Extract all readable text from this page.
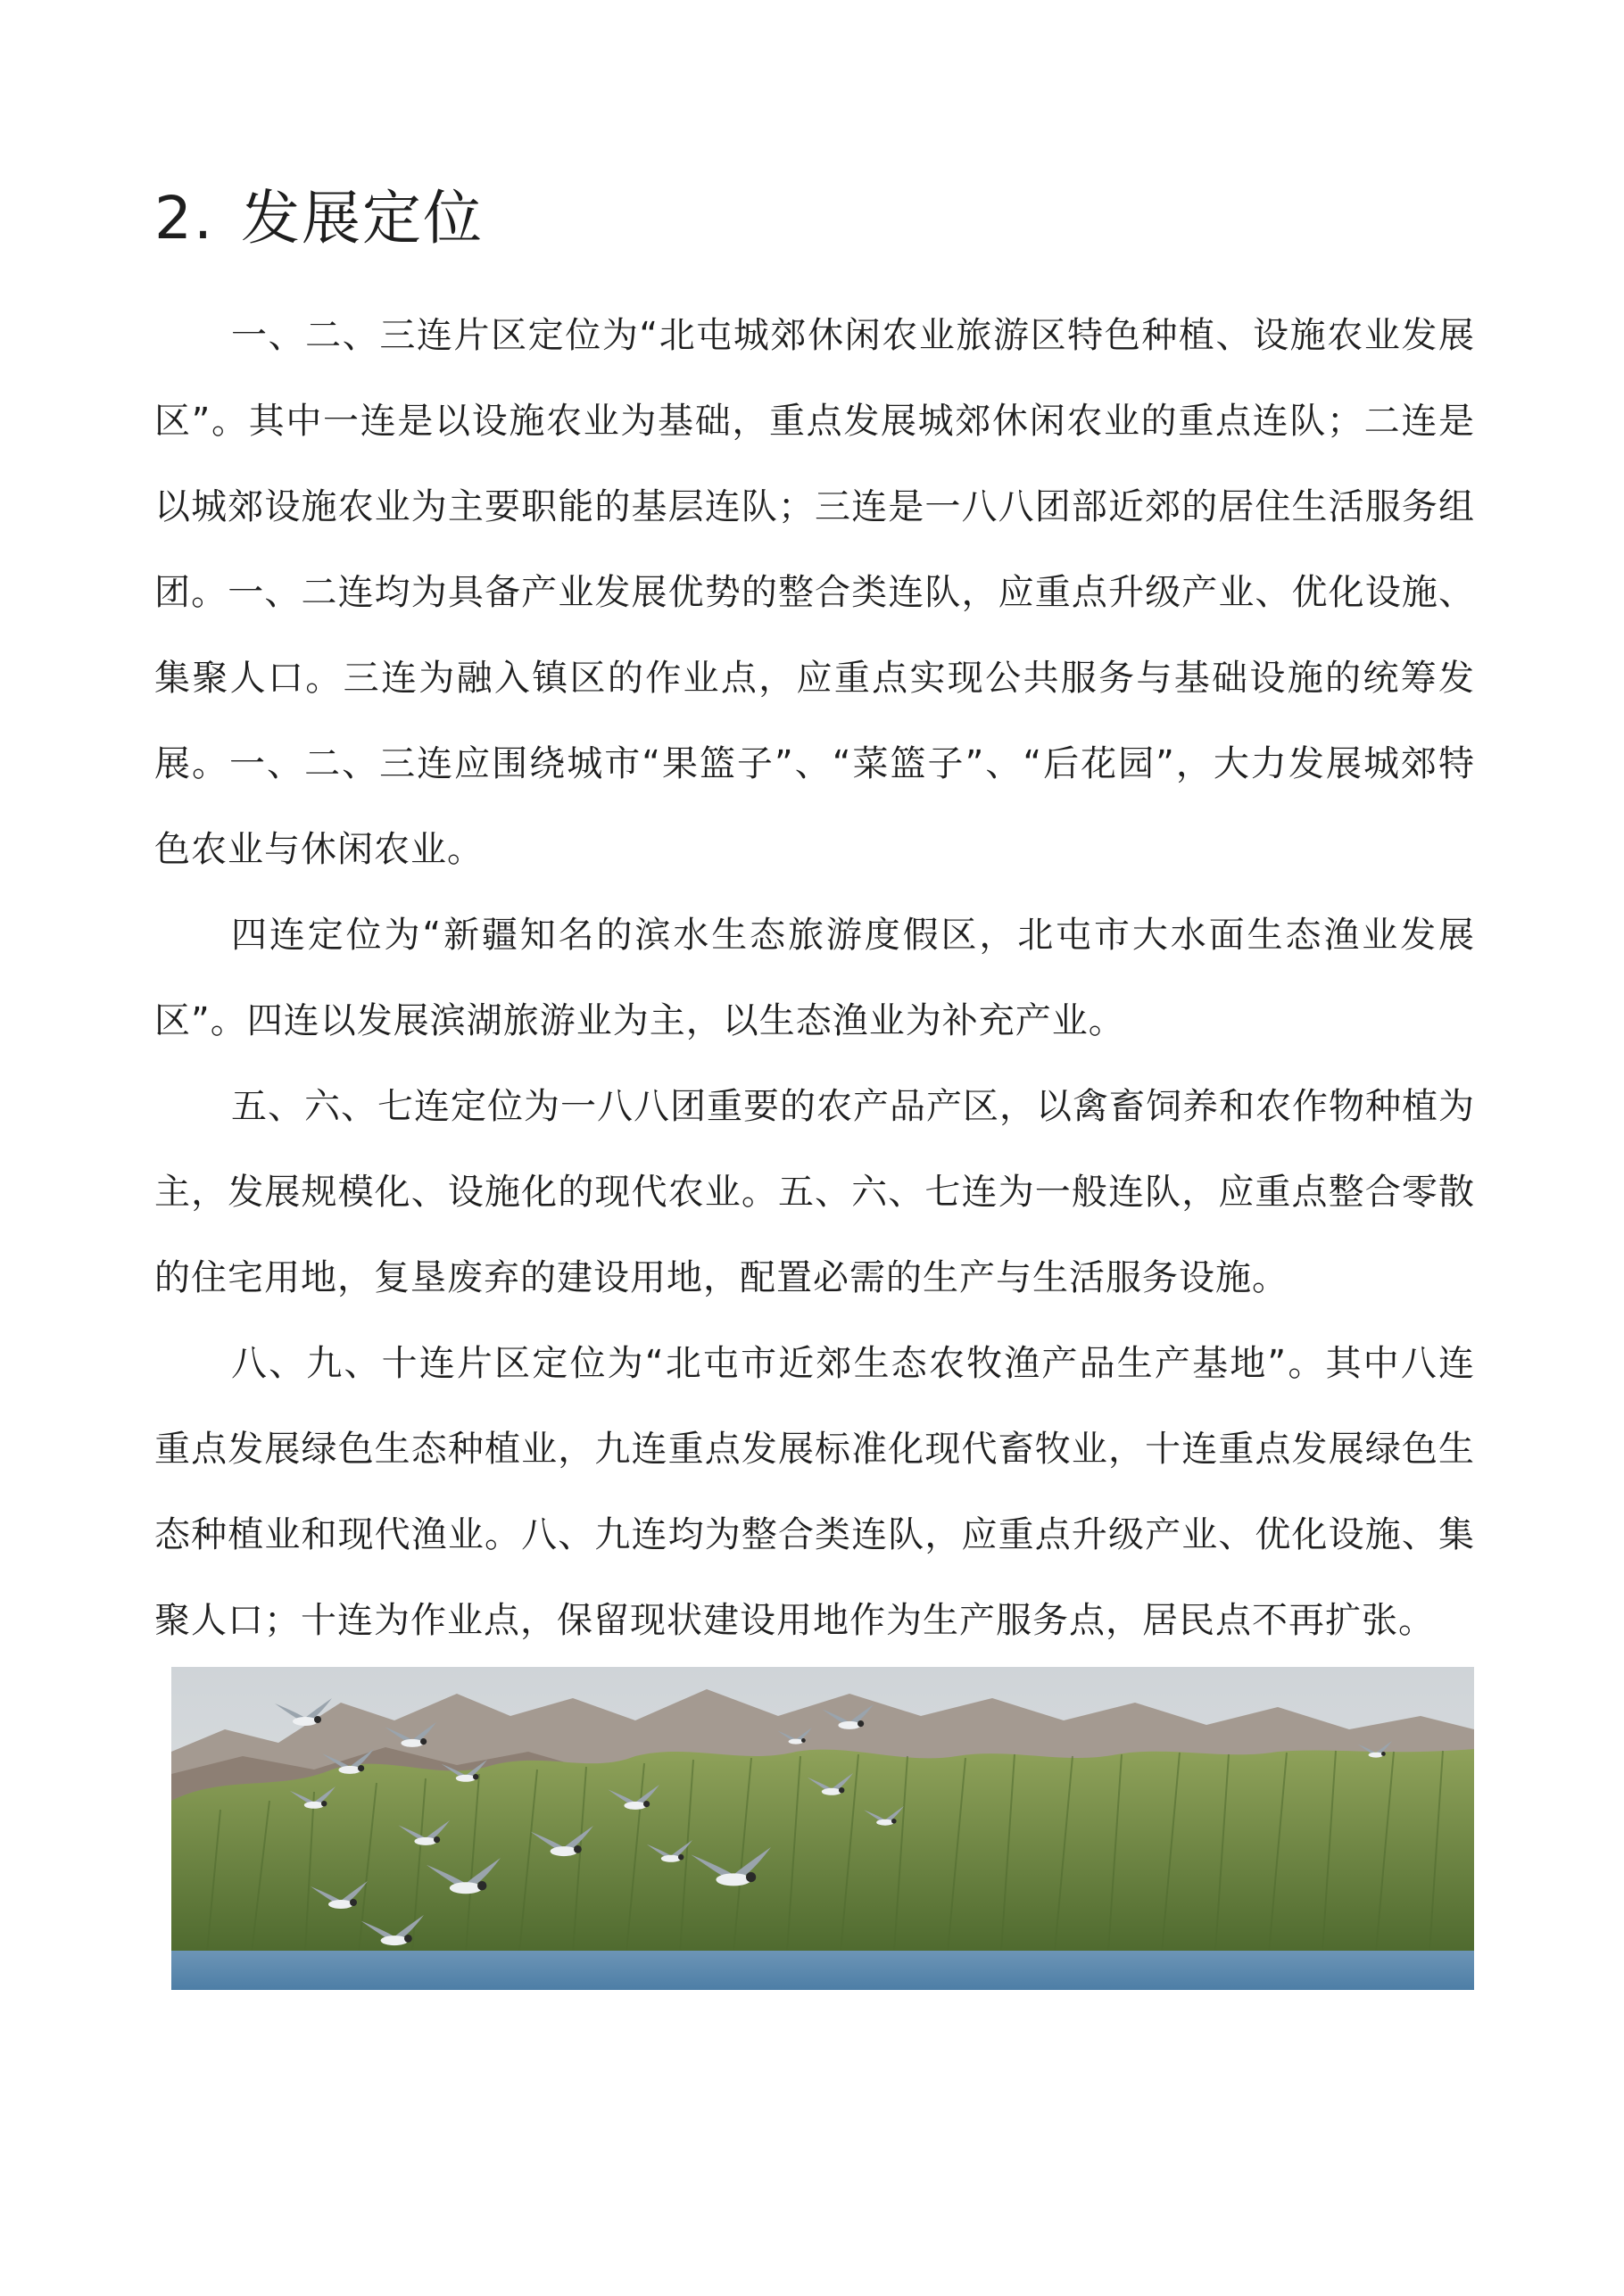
2. 发展定位

一、二、三连片区定位为“北屯城郊休闲农业旅游区特色种植、设施农业发展区”。其中一连是以设施农业为基础，重点发展城郊休闲农业的重点连队；二连是以城郊设施农业为主要职能的基层连队；三连是一八八团部近郊的居住生活服务组团。一、二连均为具备产业发展优势的整合类连队，应重点升级产业、优化设施、集聚人口。三连为融入镇区的作业点，应重点实现公共服务与基础设施的统筹发展。一、二、三连应围绕城市“果篮子”、“菜篮子”、“后花园”，大力发展城郊特色农业与休闲农业。

四连定位为“新疆知名的滨水生态旅游度假区，北屯市大水面生态渔业发展区”。四连以发展滨湖旅游业为主，以生态渔业为补充产业。

五、六、七连定位为一八八团重要的农产品产区，以禽畜饲养和农作物种植为主，发展规模化、设施化的现代农业。五、六、七连为一般连队，应重点整合零散的住宅用地，复垦废弃的建设用地，配置必需的生产与生活服务设施。

八、九、十连片区定位为“北屯市近郊生态农牧渔产品生产基地”。其中八连重点发展绿色生态种植业，九连重点发展标准化现代畜牧业，十连重点发展绿色生态种植业和现代渔业。八、九连均为整合类连队，应重点升级产业、优化设施、集聚人口；十连为作业点，保留现状建设用地作为生产服务点，居民点不再扩张。
